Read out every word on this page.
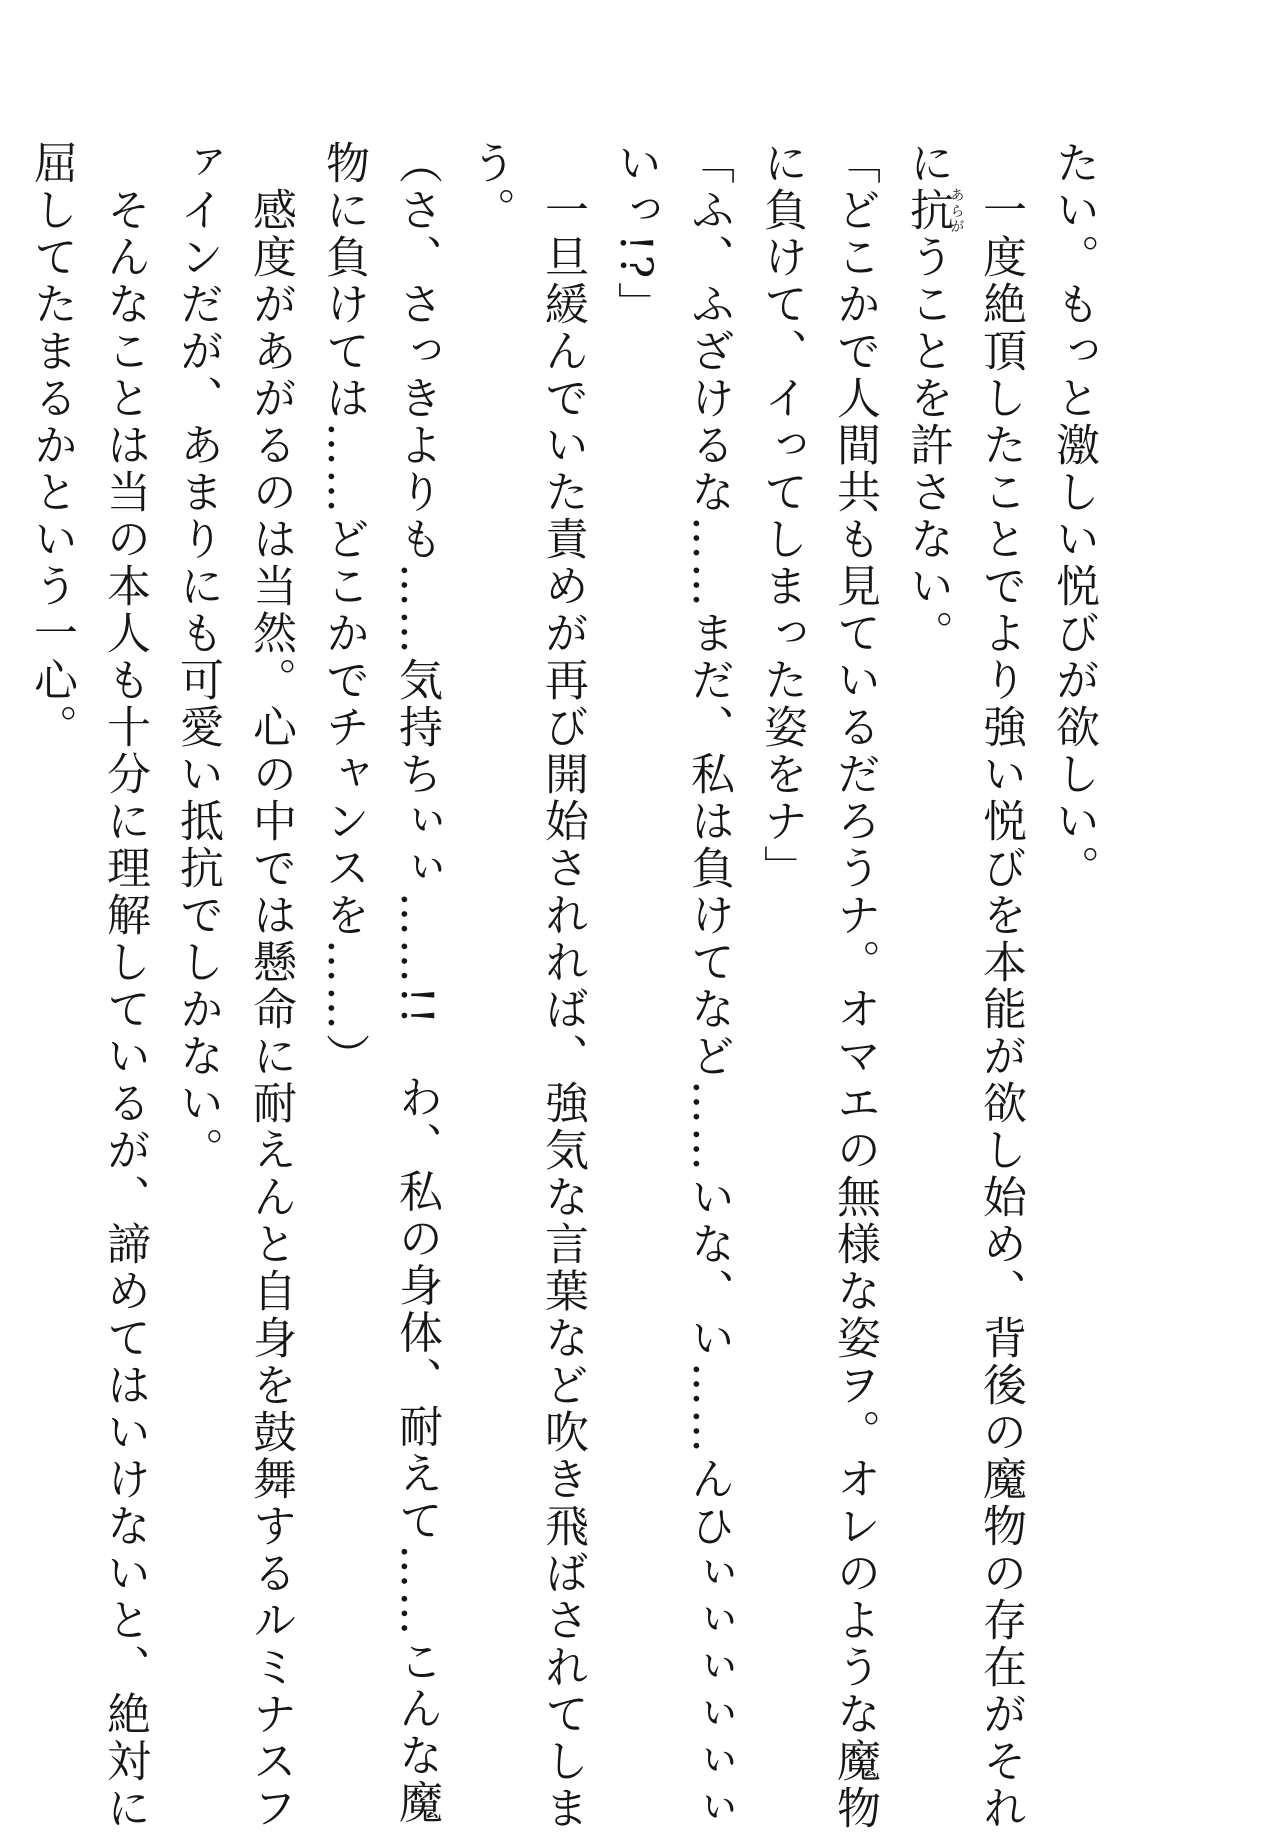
たい。もっと激しい悦びが欲しい。
　一度絶頂したことでより強い悦びを本能が欲し始め、背後の魔物の存在がそれ
に抗あらがうことを許さない。
「どこかで人間共も見ているだろうナ。オマエの無様な姿ヲ。オレのような魔物
に負けて、イってしまった姿をナ」
「ふ、ふざけるな……まだ、私は負けてなど……いな、い……んひぃぃぃぃぃぃ
いっ!?」
　一旦緩んでいた責めが再び開始されれば、強気な言葉など吹き飛ばされてしま
う。
（さ、さっきよりも……気持ちぃぃ……!!　わ、私の身体、耐えて……こんな魔
物に負けては……どこかでチャンスを……）
　感度があがるのは当然。心の中では懸命に耐えんと自身を鼓舞するルミナスフ
ァインだが、あまりにも可愛い抵抗でしかない。
　そんなことは当の本人も十分に理解しているが、諦めてはいけないと、絶対に
屈してたまるかという一心。
